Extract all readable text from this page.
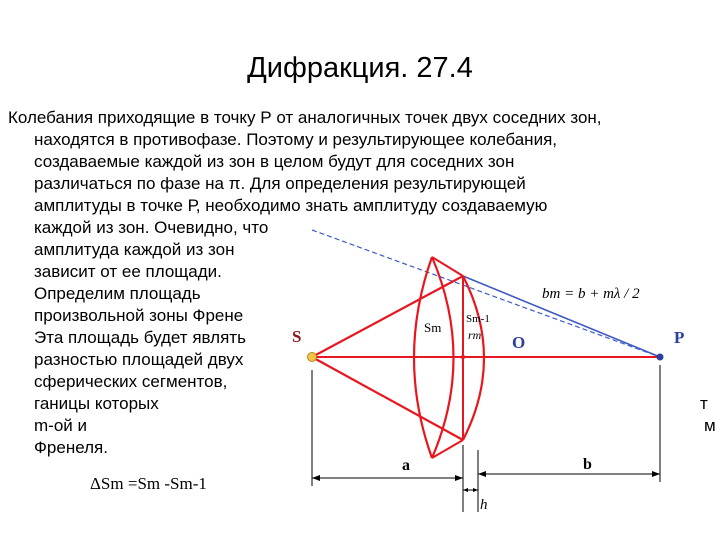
Дифракция. 27.4
Колебания приходящие в точку Р от аналогичных точек двух соседних зон,
находятся в противофазе. Поэтому и результирующее колебания,
создаваемые каждой из зон в целом будут для соседних зон
различаться по фазе на π. Для определения результирующей
амплитуды в точке Р, необходимо знать амплитуду создаваемую
каждой из зон. Очевидно, что
амплитуда каждой из зон
зависит от ее площади.
Определим площадь
произвольной зоны Френе
Эта площадь будет являть
разностью площадей двух
сферических сегментов,
ганицы которых
m-ой и
Френеля.
т
м
S	O	P
Sm
Sm-1
rm
bm = b + mλ / 2
a	b
h
ΔSm =Sm -Sm-1
